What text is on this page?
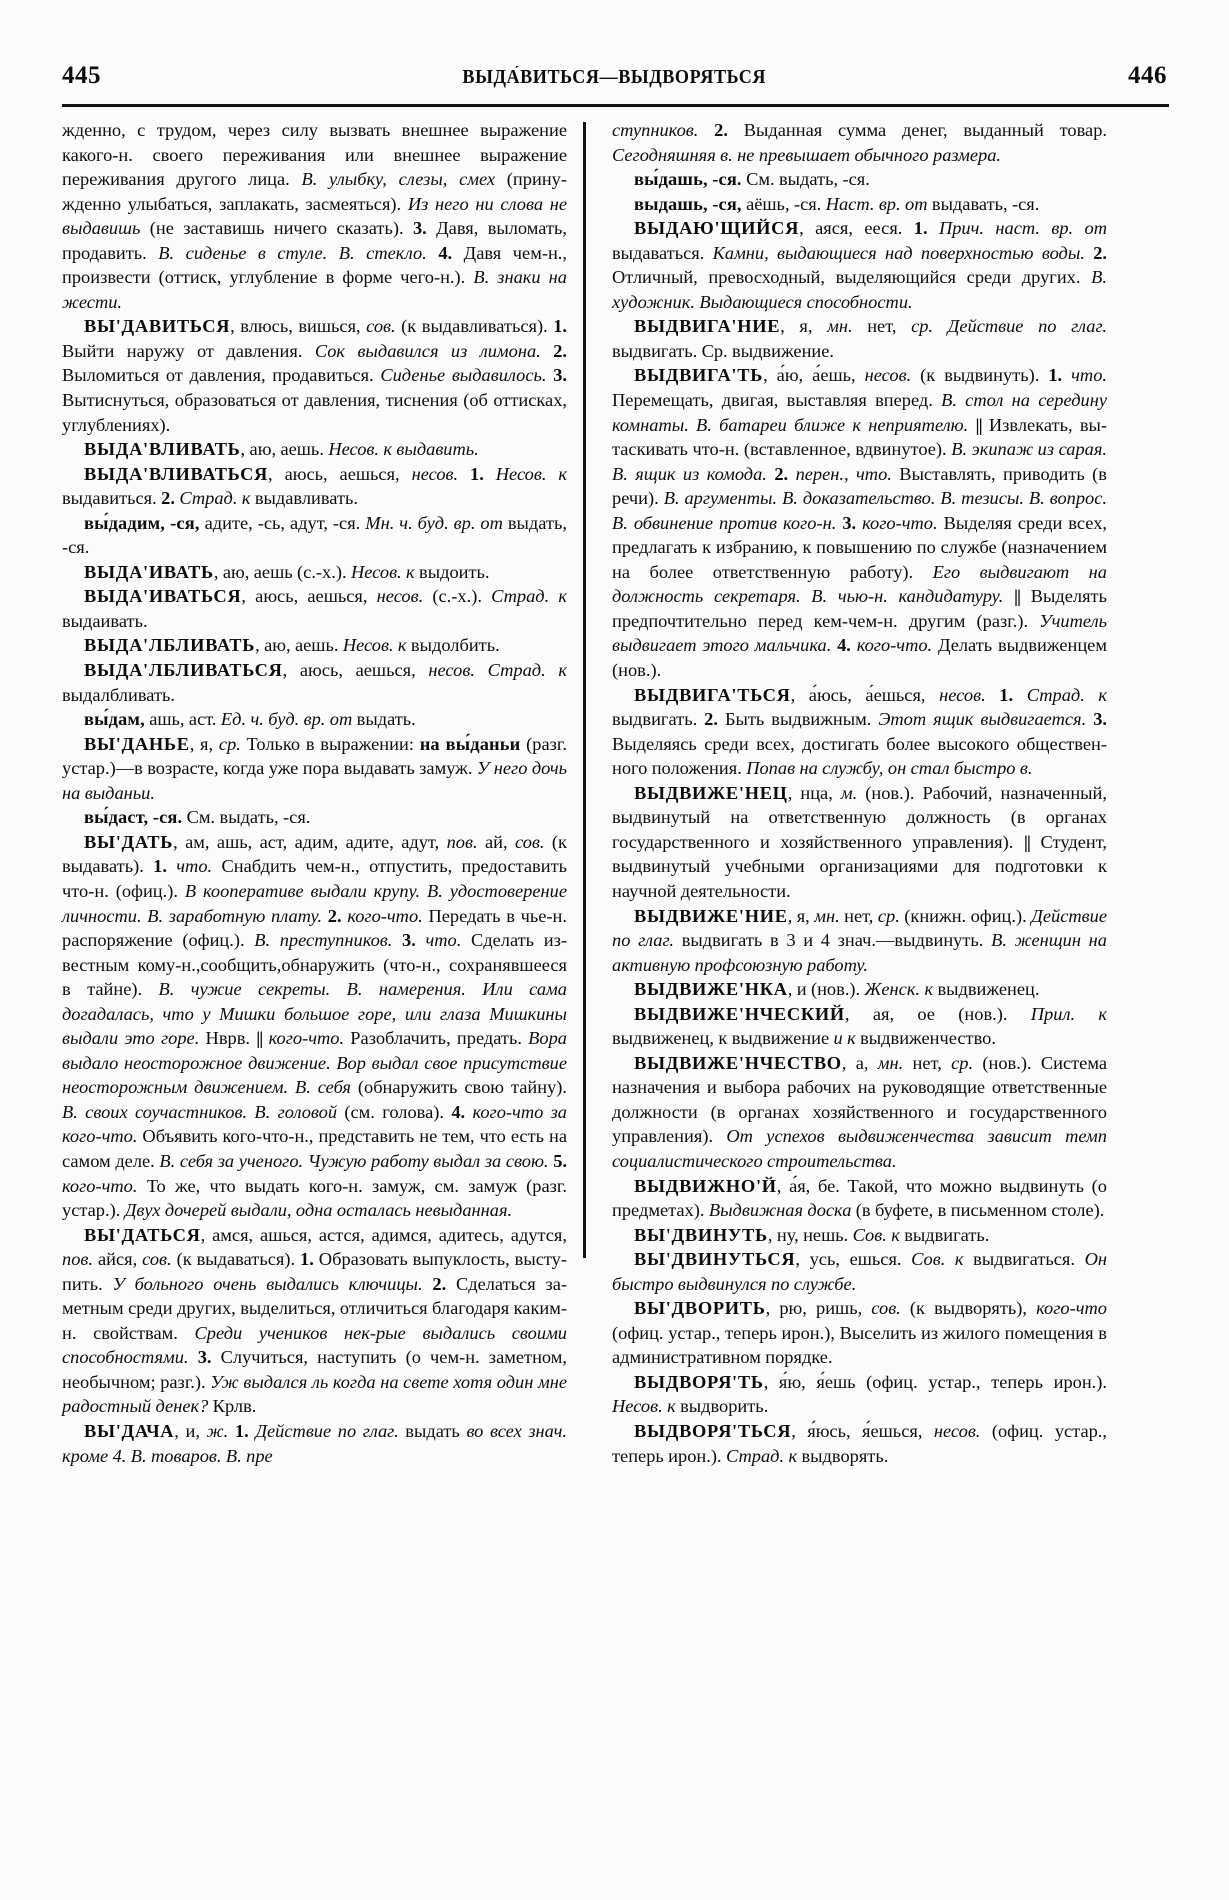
445	ВЫДА́ВИТЬСЯ—ВЫДВОРЯТЬСЯ	446

жденно, с трудом, через силу вызвать внешнее выражение какого-н. своего переживания или внешнее выражение переживания другого лица. В. улыбку, слезы, смех (принужденно улыбаться, заплакать, засмеяться). Из него ни слова не выдавишь (не заставишь ничего сказать). 3. Давя, выломать, продавить. В. сиденье в стуле. В. стекло. 4. Давя чем-н., произвести (оттиск, углубление в форме чего-н.). В. знаки на жести.

ВЫ'ДАВИТЬСЯ, влюсь, вишься, сов. (к выдавливаться). 1. Выйти наружу от давления. Сок выдавился из лимона. 2. Выломиться от давления, продавиться. Сиденье выдавилось. 3. Вытиснуться, образоваться от давления, тиснения (об оттисках, углублениях).

ВЫДА'ВЛИВАТЬ, аю, аешь. Несов. к выдавить.

ВЫДА'ВЛИВАТЬСЯ, аюсь, аешься, несов. 1. Несов. к выдавиться. 2. Страд. к выдавливать.

вы́дадим, -ся, адите, -сь, адут, -ся. Мн. ч. буд. вр. от выдать, -ся.

ВЫДА'ИВАТЬ, аю, аешь (с.-х.). Несов. к выдоить.

ВЫДА'ИВАТЬСЯ, аюсь, аешься, несов. (с.-х.). Страд. к выдаивать.

ВЫДА'ЛБЛИВАТЬ, аю, аешь. Несов. к выдолбить.

ВЫДА'ЛБЛИВАТЬСЯ, аюсь, аешься, несов. Страд. к выдалбливать.

вы́дам, ашь, аст. Ед. ч. буд. вр. от выдать.

ВЫ'ДАНЬЕ, я, ср. Только в выражении: на вы́даньи (разг. устар.)—в возрасте, когда уже пора выдавать замуж. У него дочь на выданьи.

вы́даст, -ся. См. выдать, -ся.

ВЫ'ДАТЬ, ам, ашь, аст, адим, адите, адут, пов. ай, сов. (к выдавать). 1. что. Снабдить чем-н., отпустить, предоставить что-н. (офиц.). В кооперативе выдали крупу. В. удостоверение личности. В. заработную плату. 2. кого-что. Передать в чье-н. распоряжение (офиц.). В. преступников. 3. что. Сделать известным кому-н.,сообщить,обнаружить (что-н., сохранявшееся в тайне). В. чужие секреты. В. намерения. Или сама догадалась, что у Мишки большое горе, или глаза Мишкины выдали это горе. Нврв. || кого-что. Разоблачить, предать. Вора выдало неосторожное движение. Вор выдал свое присутствие неосторожным движением. В. себя (обнаружить свою тайну). В. своих соучастников. В. головой (см. голова). 4. кого-что за кого-что. Объявить кого-что-н., представить не тем, что есть на самом деле. В. себя за ученого. Чужую работу выдал за свою. 5. кого-что. То же, что выдать кого-н. замуж, см. замуж (разг. устар.). Двух дочерей выдали, одна осталась невыданная.

ВЫ'ДАТЬСЯ, амся, ашься, астся, адимся, адитесь, адутся, пов. айся, сов. (к выдаваться). 1. Образовать выпуклость, выступить. У больного очень выдались ключицы. 2. Сделаться заметным среди других, выделиться, отличиться благодаря каким-н. свойствам. Среди учеников нек-рые выдались своими способностями. 3. Случиться, наступить (о чем-н. заметном, необычном; разг.). Уж выдался ль когда на свете хотя один мне радостный денек? Крлв.

ВЫ'ДАЧА, и, ж. 1. Действие по глаг. выдать во всех знач. кроме 4. В. товаров. В. пре

ступников. 2. Выданная сумма денег, выданный товар. Сегодняшняя в. не превышает обычного размера.

вы́дашь, -ся. См. выдать, -ся.

выдашь, -ся, аёшь, -ся. Наст. вр. от выдавать, -ся.

ВЫДАЮ'ЩИЙСЯ, аяся, ееся. 1. Прич. наст. вр. от выдаваться. Камни, выдающиеся над поверхностью воды. 2. Отличный, превосходный, выделяющийся среди других. В. художник. Выдающиеся способности.

ВЫДВИГА'НИЕ, я, мн. нет, ср. Действие по глаг. выдвигать. Ср. выдвижение.

ВЫДВИГА'ТЬ, а́ю, а́ешь, несов. (к выдвинуть). 1. что. Перемещать, двигая, выставляя вперед. В. стол на середину комнаты. В. батареи ближе к неприятелю. || Извлекать, вытаскивать что-н. (вставленное, вдвинутое). В. экипаж из сарая. В. ящик из комода. 2. перен., что. Выставлять, приводить (в речи). В. аргументы. В. доказательство. В. тезисы. В. вопрос. В. обвинение против кого-н. 3. кого-что. Выделяя среди всех, предлагать к избранию, к повышению по службе (назначением на более ответственную работу). Его выдвигают на должность секретаря. В. чью-н. кандидатуру. || Выделять предпочтительно перед кем-чем-н. другим (разг.). Учитель выдвигает этого мальчика. 4. кого-что. Делать выдвиженцем (нов.).

ВЫДВИГА'ТЬСЯ, а́юсь, а́ешься, несов. 1. Страд. к выдвигать. 2. Быть выдвижным. Этот ящик выдвигается. 3. Выделяясь среди всех, достигать более высокого общественного положения. Попав на службу, он стал быстро в.

ВЫДВИЖЕ'НЕЦ, нца, м. (нов.). Рабочий, назначенный, выдвинутый на ответственную должность (в органах государственного и хозяйственного управления). || Студент, выдвинутый учебными организациями для подготовки к научной деятельности.

ВЫДВИЖЕ'НИЕ, я, мн. нет, ср. (книжн. офиц.). Действие по глаг. выдвигать в 3 и 4 знач.—выдвинуть. В. женщин на активную профсоюзную работу.

ВЫДВИЖЕ'НКА, и (нов.). Женск. к выдвиженец.

ВЫДВИЖЕ'НЧЕСКИЙ, ая, ое (нов.). Прил. к выдвиженец, к выдвижение и к выдвиженчество.

ВЫДВИЖЕ'НЧЕСТВО, а, мн. нет, ср. (нов.). Система назначения и выбора рабочих на руководящие ответственные должности (в органах хозяйственного и государственного управления). От успехов выдвиженчества зависит темп социалистического строительства.

ВЫДВИЖНО'Й, а́я, бе. Такой, что можно выдвинуть (о предметах). Выдвижная доска (в буфете, в письменном столе).

ВЫ'ДВИНУТЬ, ну, нешь. Сов. к выдвигать.

ВЫ'ДВИНУТЬСЯ, усь, ешься. Сов. к выдвигаться. Он быстро выдвинулся по службе.

ВЫ'ДВОРИТЬ, рю, ришь, сов. (к выдворять), кого-что (офиц. устар., теперь ирон.), Выселить из жилого помещения в административном порядке.

ВЫДВОРЯ'ТЬ, я́ю, я́ешь (офиц. устар., теперь ирон.). Несов. к выдворить.

ВЫДВОРЯ'ТЬСЯ, я́юсь, я́ешься, несов. (офиц. устар., теперь ирон.). Страд. к выдворять.
